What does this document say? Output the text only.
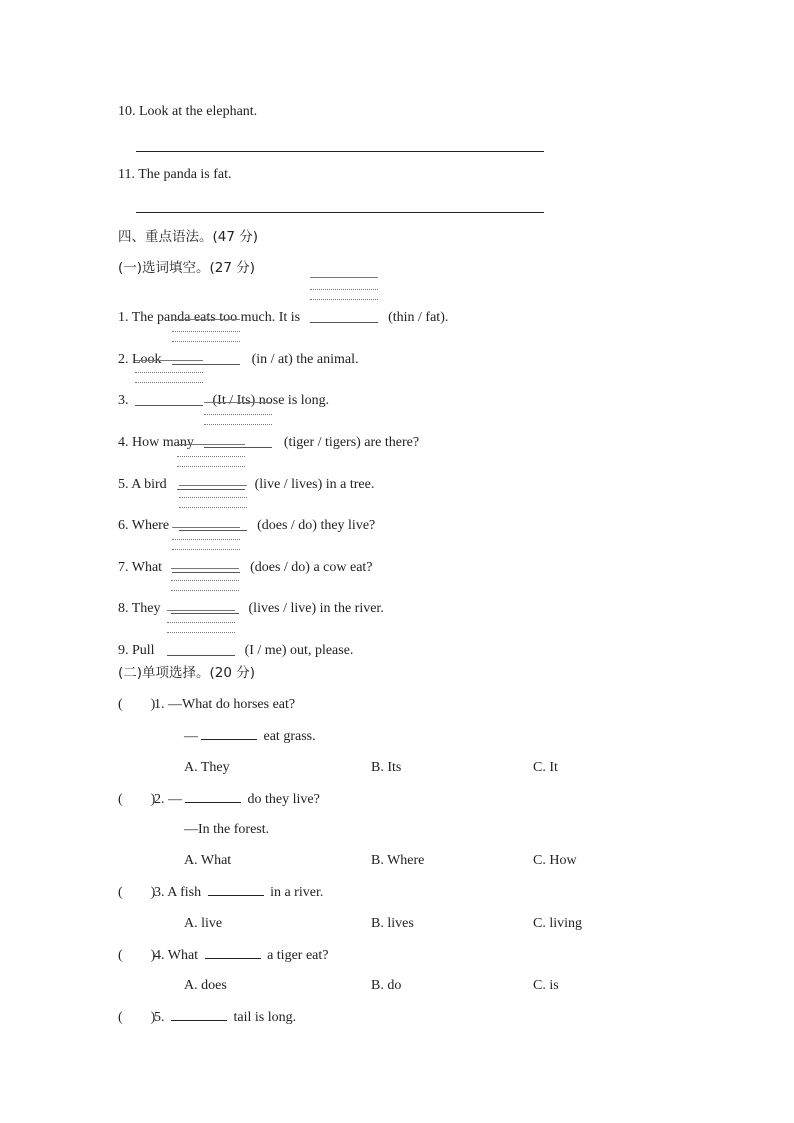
10. Look at the elephant.
11. The panda is fat.
四、重点语法。(47 分)
(一)选词填空。(27 分)
1. The panda eats too much. It is	(thin / fat).
2. Look	(in / at) the animal.
3.	(It / Its) nose is long.
4. How many	(tiger / tigers) are there?
5. A bird	(live / lives) in a tree.
6. Where	(does / do) they live?
7. What	(does / do) a cow eat?
8. They	(lives / live) in the river.
9. Pull	(I / me) out, please.
(二)单项选择。(20 分)
( )1. —What do horses eat?
—	eat grass.
A. They	B. Its	C. It
( )2. —	do they live?
—In the forest.
A. What	B. Where	C. How
( )3. A fish	in a river.
A. live	B. lives	C. living
( )4. What	a tiger eat?
A. does	B. do	C. is
( )5.	tail is long.
